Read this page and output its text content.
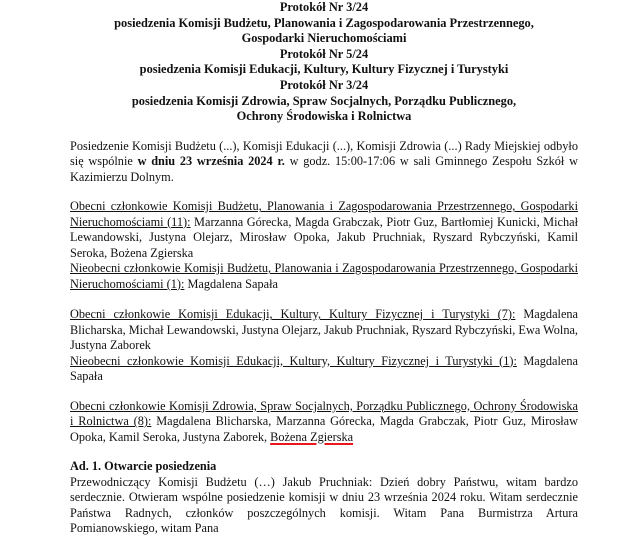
Protokół Nr 3/24
posiedzenia Komisji Budżetu, Planowania i Zagospodarowania Przestrzennego,
Gospodarki Nieruchomościami
Protokół Nr 5/24
posiedzenia Komisji Edukacji, Kultury, Kultury Fizycznej i Turystyki
Protokół Nr 3/24
posiedzenia Komisji Zdrowia, Spraw Socjalnych, Porządku Publicznego,
Ochrony Środowiska i Rolnictwa

Posiedzenie Komisji Budżetu (...), Komisji Edukacji (...), Komisji Zdrowia (...) Rady Miejskiej odbyło się wspólnie w dniu 23 września 2024 r. w godz. 15:00-17:06 w sali Gminnego Zespołu Szkół w Kazimierzu Dolnym.

Obecni członkowie Komisji Budżetu, Planowania i Zagospodarowania Przestrzennego, Gospodarki Nieruchomościami (11): Marzanna Górecka, Magda Grabczak, Piotr Guz, Bartłomiej Kunicki, Michał Lewandowski, Justyna Olejarz, Mirosław Opoka, Jakub Pruchniak, Ryszard Rybczyński, Kamil Seroka, Bożena Zgierska

Nieobecni członkowie Komisji Budżetu, Planowania i Zagospodarowania Przestrzennego, Gospodarki Nieruchomościami (1): Magdalena Sapała

Obecni członkowie Komisji Edukacji, Kultury, Kultury Fizycznej i Turystyki (7): Magdalena Blicharska, Michał Lewandowski, Justyna Olejarz, Jakub Pruchniak, Ryszard Rybczyński, Ewa Wolna, Justyna Zaborek

Nieobecni członkowie Komisji Edukacji, Kultury, Kultury Fizycznej i Turystyki (1): Magdalena Sapała

Obecni członkowie Komisji Zdrowia, Spraw Socjalnych, Porządku Publicznego, Ochrony Środowiska i Rolnictwa (8): Magdalena Blicharska, Marzanna Górecka, Magda Grabczak, Piotr Guz, Mirosław Opoka, Kamil Seroka, Justyna Zaborek, Bożena Zgierska

Ad. 1. Otwarcie posiedzenia

Przewodniczący Komisji Budżetu (…) Jakub Pruchniak: Dzień dobry Państwu, witam bardzo serdecznie. Otwieram wspólne posiedzenie komisji w dniu 23 września 2024 roku. Witam serdecznie Państwa Radnych, członków poszczególnych komisji. Witam Pana Burmistrza Artura Pomianowskiego, witam Pana
